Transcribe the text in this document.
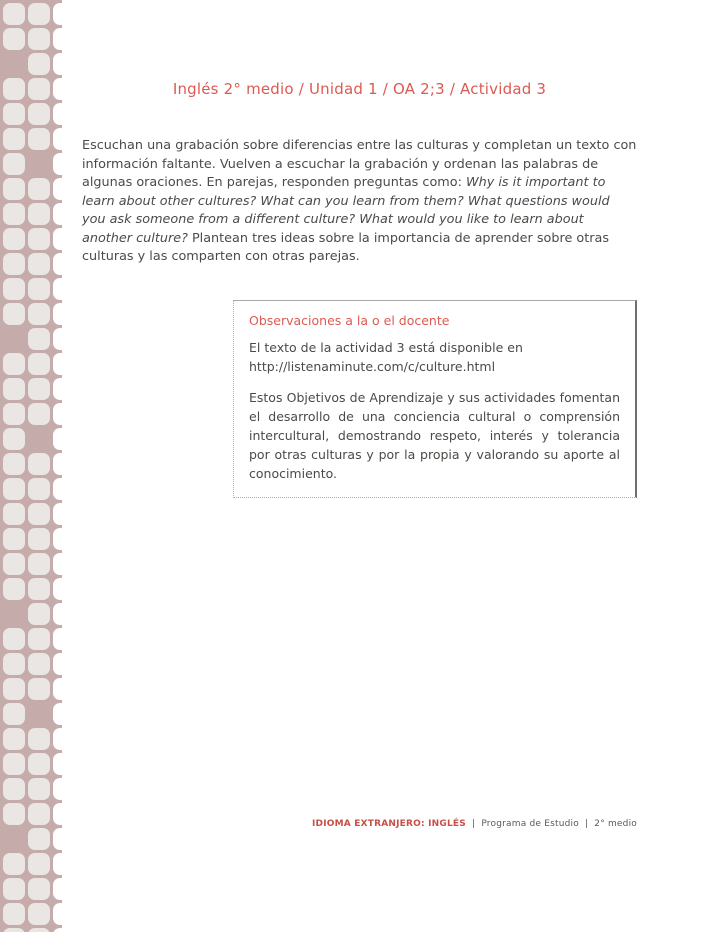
Inglés 2° medio / Unidad 1 / OA 2;3 / Actividad 3
Escuchan una grabación sobre diferencias entre las culturas y completan un texto con información faltante. Vuelven a escuchar la grabación y ordenan las palabras de algunas oraciones. En parejas, responden preguntas como: Why is it important to learn about other cultures? What can you learn from them? What questions would you ask someone from a different culture? What would you like to learn about another culture? Plantean tres ideas sobre la importancia de aprender sobre otras culturas y las comparten con otras parejas.
Observaciones a la o el docente
El texto de la actividad 3 está disponible en
http://listenaminute.com/c/culture.html
Estos Objetivos de Aprendizaje y sus actividades fomentan el desarrollo de una conciencia cultural o comprensión intercultural, demostrando respeto, interés y tolerancia por otras culturas y por la propia y valorando su aporte al conocimiento.
IDIOMA EXTRANJERO: INGLÉS | Programa de Estudio | 2° medio
